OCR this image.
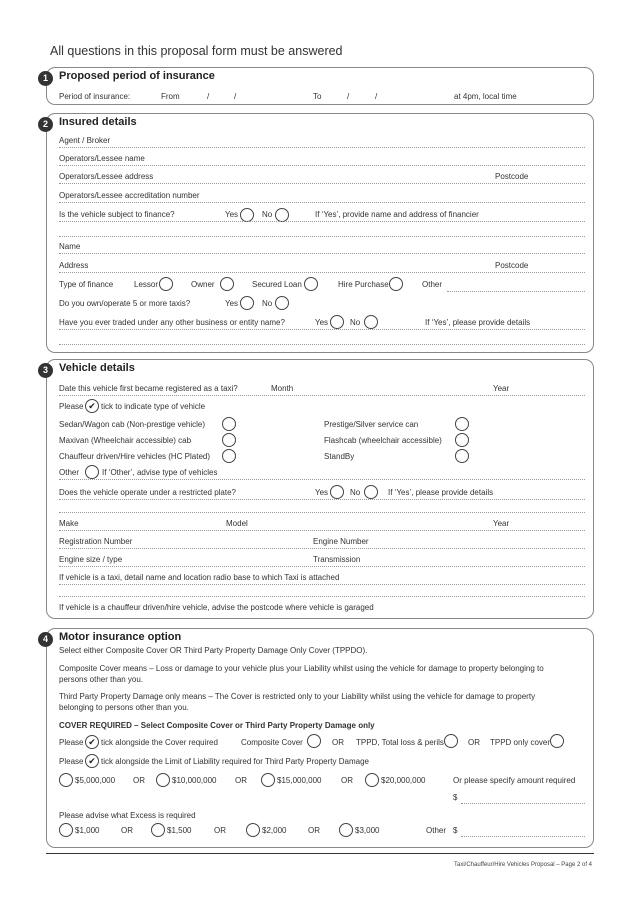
All questions in this proposal form must be answered
1	Proposed period of insurance
Period of insurance:	From	/	/	To	/	/	at 4pm, local time
2	Insured details
Agent / Broker
Operators/Lessee name
Operators/Lessee address	Postcode
Operators/Lessee accreditation number
Is the vehicle subject to finance?	Yes	No	If ‘Yes’, provide name and address of financier
Name
Address	Postcode
Type of finance	Lessor	Owner	Secured Loan	Hire Purchase	Other
Do you own/operate 5 or more taxis?	Yes	No
Have you ever traded under any other business or entity name?	Yes	No	If ‘Yes’, please provide details
3	Vehicle details
Date this vehicle first became registered as a taxi?	Month	Year
Please ✔ tick to indicate type of vehicle
Sedan/Wagon cab (Non-prestige vehicle)	Prestige/Silver service can
Maxivan (Wheelchair accessible) cab	Flashcab (wheelchair accessible)
Chauffeur driven/Hire vehicles (HC Plated)	StandBy
Other	If ‘Other’, advise type of vehicles
Does the vehicle operate under a restricted plate?	Yes	No	If ‘Yes’, please provide details
Make	Model	Year
Registration Number	Engine Number
Engine size / type	Transmission
If vehicle is a taxi, detail name and location radio base to which Taxi is attached
If vehicle is a chauffeur driven/hire vehicle, advise the postcode where vehicle is garaged
4	Motor insurance option
Select either Composite Cover OR Third Party Property Damage Only Cover (TPPDO).
Composite Cover means – Loss or damage to your vehicle plus your Liability whilst using the vehicle for damage to property belonging to
persons other than you.
Third Party Property Damage only means – The Cover is restricted only to your Liability whilst using the vehicle for damage to property
belonging to persons other than you.
COVER REQUIRED – Select Composite Cover or Third Party Property Damage only
Please ✔ tick alongside the Cover required	Composite Cover	OR TPPD, Total loss & perils	OR TPPD only cover
Please ✔ tick alongside the Limit of Liability required for Third Party Property Damage
$5,000,000 OR	$10,000,000 OR	$15,000,000 OR	$20,000,000	Or please specify amount required
$
Please advise what Excess is required
$1,000	OR	$1,500	OR	$2,000	OR	$3,000	Other $
Taxi/Chauffeur/Hire Vehicles Proposal – Page 2 of 4
